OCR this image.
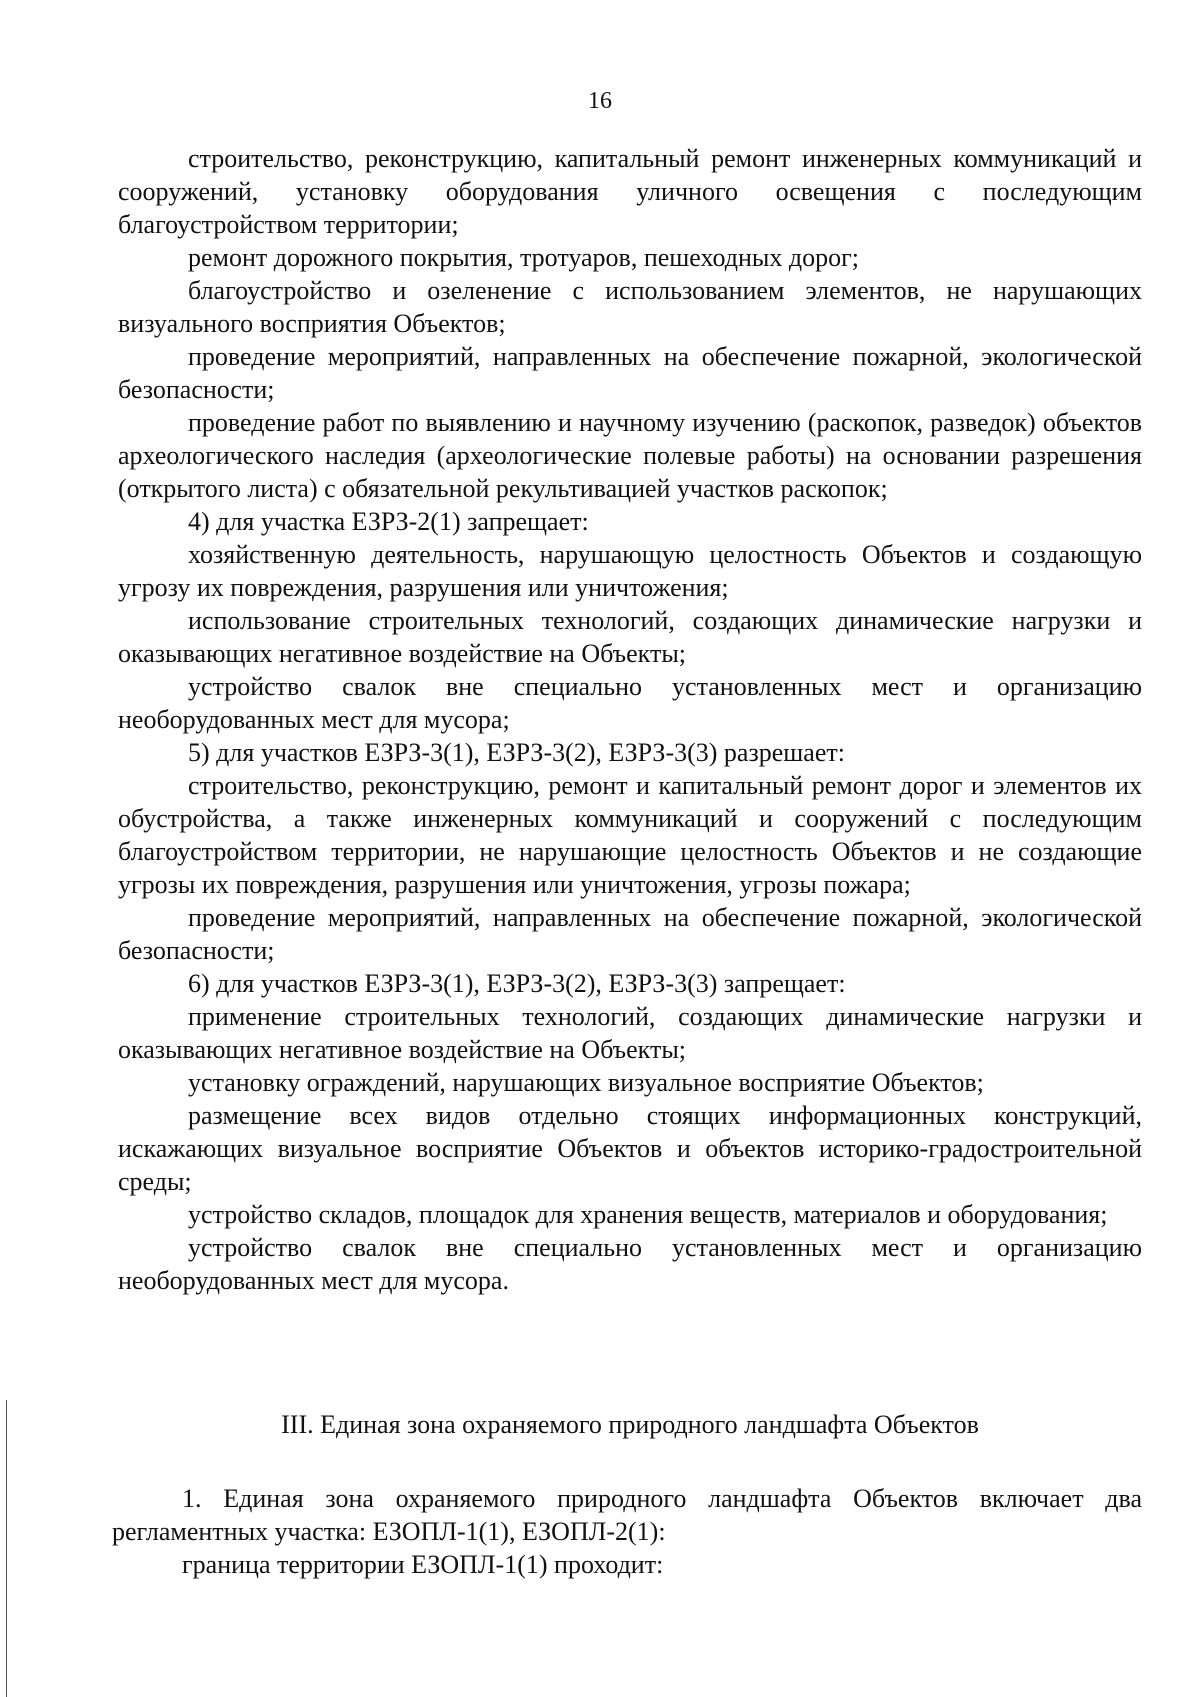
16

строительство, реконструкцию, капитальный ремонт инженерных коммуникаций и сооружений, установку оборудования уличного освещения с последующим благоустройством территории;

ремонт дорожного покрытия, тротуаров, пешеходных дорог;

благоустройство и озеленение с использованием элементов, не нарушающих визуального восприятия Объектов;

проведение мероприятий, направленных на обеспечение пожарной, экологической безопасности;

проведение работ по выявлению и научному изучению (раскопок, разведок) объектов археологического наследия (археологические полевые работы) на основании разрешения (открытого листа) с обязательной рекультивацией участков раскопок;

4) для участка ЕЗРЗ-2(1) запрещает:

хозяйственную деятельность, нарушающую целостность Объектов и создающую угрозу их повреждения, разрушения или уничтожения;

использование строительных технологий, создающих динамические нагрузки и оказывающих негативное воздействие на Объекты;

устройство свалок вне специально установленных мест и организацию необорудованных мест для мусора;

5) для участков ЕЗРЗ-3(1), ЕЗРЗ-3(2), ЕЗРЗ-3(3) разрешает:

строительство, реконструкцию, ремонт и капитальный ремонт дорог и элементов их обустройства, а также инженерных коммуникаций и сооружений с последующим благоустройством территории, не нарушающие целостность Объектов и не создающие угрозы их повреждения, разрушения или уничтожения, угрозы пожара;

проведение мероприятий, направленных на обеспечение пожарной, экологической безопасности;

6) для участков ЕЗРЗ-3(1), ЕЗРЗ-3(2), ЕЗРЗ-3(3) запрещает:

применение строительных технологий, создающих динамические нагрузки и оказывающих негативное воздействие на Объекты;

установку ограждений, нарушающих визуальное восприятие Объектов;

размещение всех видов отдельно стоящих информационных конструкций, искажающих визуальное восприятие Объектов и объектов историко-градостроительной среды;

устройство складов, площадок для хранения веществ, материалов и оборудования;

устройство свалок вне специально установленных мест и организацию необорудованных мест для мусора.

III. Единая зона охраняемого природного ландшафта Объектов

1. Единая зона охраняемого природного ландшафта Объектов включает два регламентных участка: ЕЗОПЛ-1(1), ЕЗОПЛ-2(1):

граница территории ЕЗОПЛ-1(1) проходит:
